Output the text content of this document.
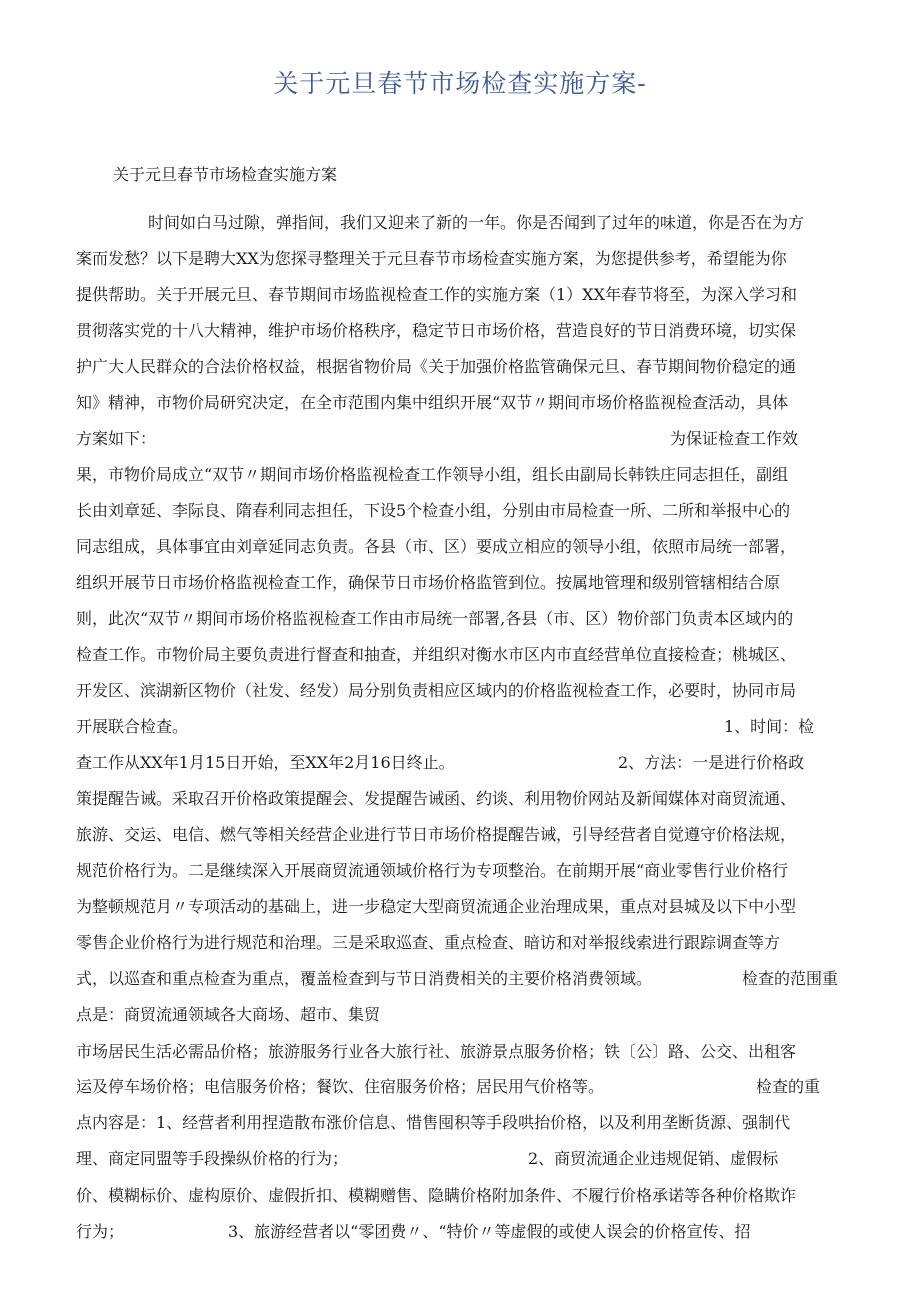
关于元旦春节市场检查实施方案-
关于元旦春节市场检查实施方案
时间如白马过隙，弹指间，我们又迎来了新的一年。你是否闻到了过年的味道，你是否在为方
案而发愁？以下是聘大XX为您探寻整理关于元旦春节市场检查实施方案，为您提供参考，希望能为你
提供帮助。关于开展元旦、春节期间市场监视检查工作的实施方案（1）XX年春节将至，为深入学习和
贯彻落实党的十八大精神，维护市场价格秩序，稳定节日市场价格，营造良好的节日消费环境，切实保
护广大人民群众的合法价格权益，根据省物价局《关于加强价格监管确保元旦、春节期间物价稳定的通
知》精神，市物价局研究决定，在全市范围内集中组织开展“双节〃期间市场价格监视检查活动，具体
方案如下：	为保证检查工作效
果，市物价局成立“双节〃期间市场价格监视检查工作领导小组，组长由副局长韩铁庄同志担任，副组
长由刘章延、李际良、隋春利同志担任，下设5个检查小组，分别由市局检查一所、二所和举报中心的
同志组成，具体事宜由刘章延同志负责。各县（市、区）要成立相应的领导小组，依照市局统一部署，
组织开展节日市场价格监视检查工作，确保节日市场价格监管到位。按属地管理和级别管辖相结合原
则，此次“双节〃期间市场价格监视检查工作由市局统一部署,各县（市、区）物价部门负责本区域内的
检查工作。市物价局主要负责进行督查和抽查，并组织对衡水市区内市直经营单位直接检查；桃城区、
开发区、滨湖新区物价（社发、经发）局分别负责相应区域内的价格监视检查工作，必要时，协同市局
开展联合检查。	1、时间：检
查工作从XX年1月15日开始，至XX年2月16日终止。	2、方法：一是进行价格政
策提醒告诫。采取召开价格政策提醒会、发提醒告诫函、约谈、利用物价网站及新闻媒体对商贸流通、
旅游、交运、电信、燃气等相关经营企业进行节日市场价格提醒告诫，引导经营者自觉遵守价格法规，
规范价格行为。二是继续深入开展商贸流通领域价格行为专项整治。在前期开展“商业零售行业价格行
为整顿规范月〃专项活动的基础上，进一步稳定大型商贸流通企业治理成果，重点对县城及以下中小型
零售企业价格行为进行规范和治理。三是采取巡查、重点检查、暗访和对举报线索进行跟踪调查等方
式，以巡查和重点检查为重点，覆盖检查到与节日消费相关的主要价格消费领域。	检查的范围重
点是：商贸流通领域各大商场、超市、集贸
市场居民生活必需品价格；旅游服务行业各大旅行社、旅游景点服务价格；铁〔公〕路、公交、出租客
运及停车场价格；电信服务价格；餐饮、住宿服务价格；居民用气价格等。	检查的重
点内容是：1、经营者利用捏造散布涨价信息、惜售囤积等手段哄抬价格，以及利用垄断货源、强制代
理、商定同盟等手段操纵价格的行为；	2、商贸流通企业违规促销、虚假标
价、模糊标价、虚构原价、虚假折扣、模糊赠售、隐瞒价格附加条件、不履行价格承诺等各种价格欺诈
行为；	3、旅游经营者以“零团费〃、“特价〃等虚假的或使人误会的价格宣传、招
